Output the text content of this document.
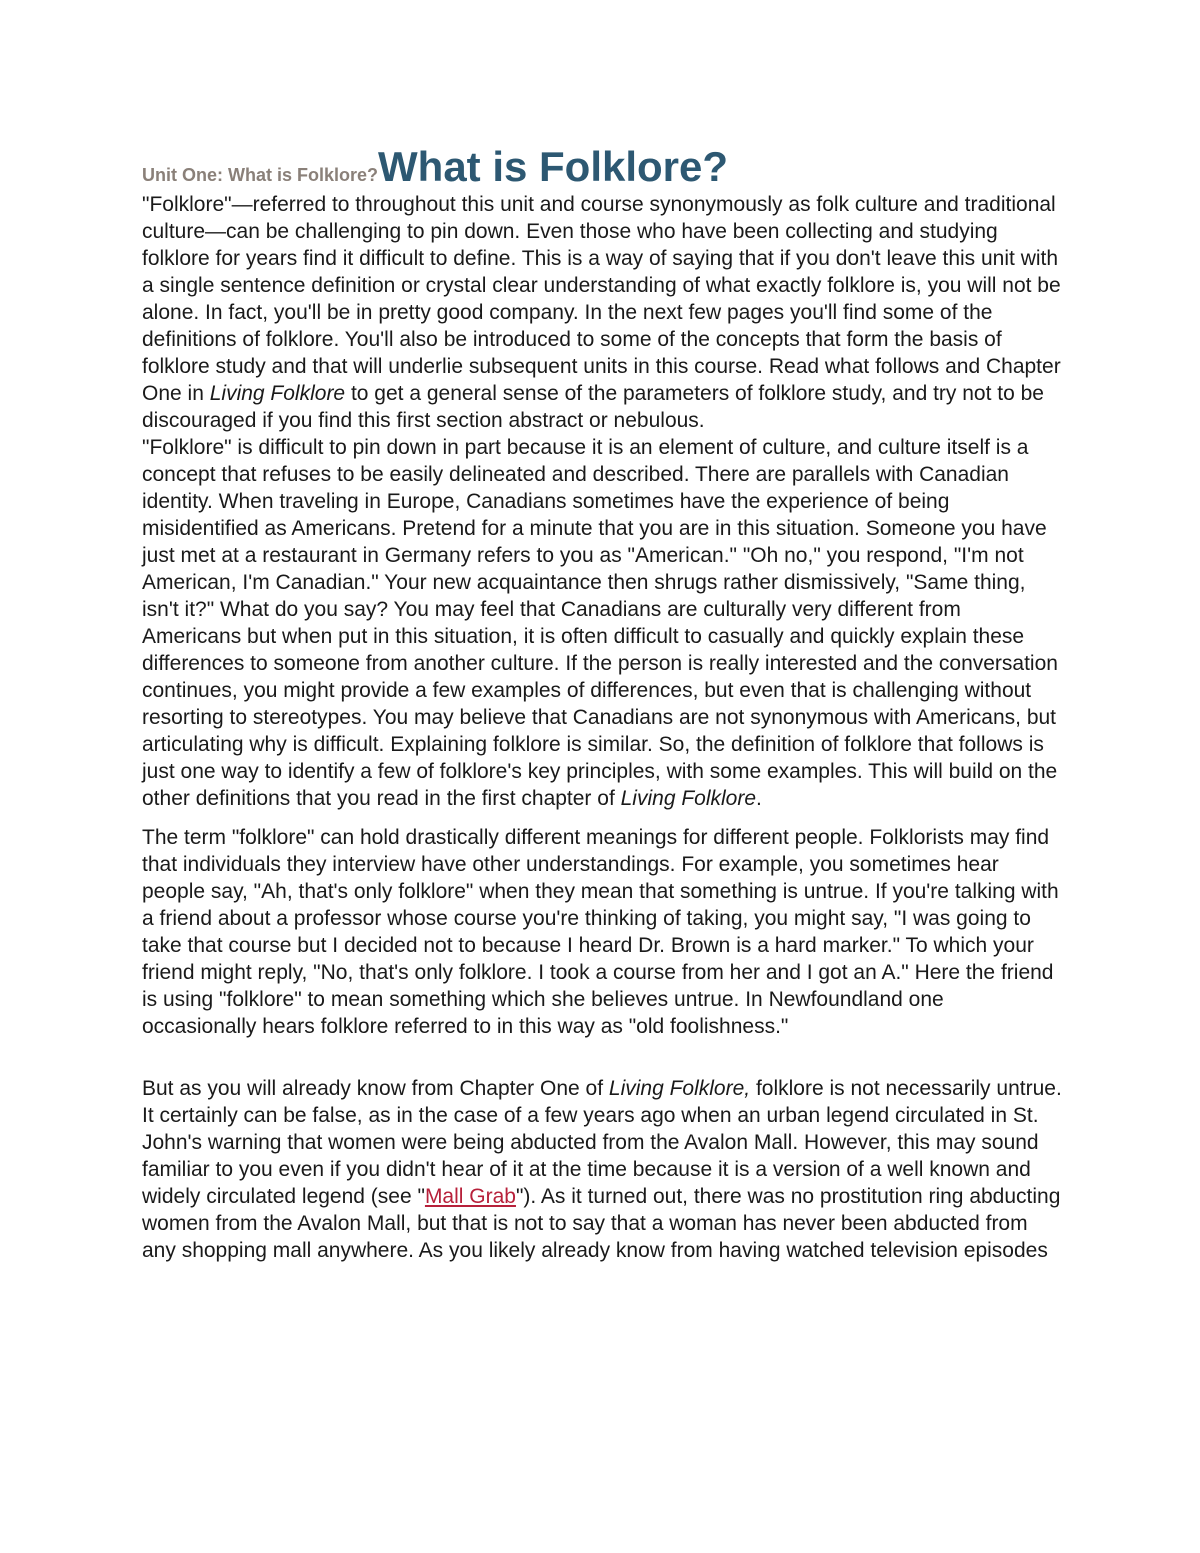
Unit One: What is Folklore?What is Folklore?

"Folklore"—referred to throughout this unit and course synonymously as folk culture and traditional culture—can be challenging to pin down. Even those who have been collecting and studying folklore for years find it difficult to define. This is a way of saying that if you don't leave this unit with a single sentence definition or crystal clear understanding of what exactly folklore is, you will not be alone. In fact, you'll be in pretty good company. In the next few pages you'll find some of the definitions of folklore. You'll also be introduced to some of the concepts that form the basis of folklore study and that will underlie subsequent units in this course. Read what follows and Chapter One in Living Folklore to get a general sense of the parameters of folklore study, and try not to be discouraged if you find this first section abstract or nebulous.

"Folklore" is difficult to pin down in part because it is an element of culture, and culture itself is a concept that refuses to be easily delineated and described. There are parallels with Canadian identity. When traveling in Europe, Canadians sometimes have the experience of being misidentified as Americans. Pretend for a minute that you are in this situation. Someone you have just met at a restaurant in Germany refers to you as "American." "Oh no," you respond, "I'm not American, I'm Canadian." Your new acquaintance then shrugs rather dismissively, "Same thing, isn't it?" What do you say? You may feel that Canadians are culturally very different from Americans but when put in this situation, it is often difficult to casually and quickly explain these differences to someone from another culture. If the person is really interested and the conversation continues, you might provide a few examples of differences, but even that is challenging without resorting to stereotypes. You may believe that Canadians are not synonymous with Americans, but articulating why is difficult. Explaining folklore is similar. So, the definition of folklore that follows is just one way to identify a few of folklore's key principles, with some examples. This will build on the other definitions that you read in the first chapter of Living Folklore.

The term "folklore" can hold drastically different meanings for different people. Folklorists may find that individuals they interview have other understandings. For example, you sometimes hear people say, "Ah, that's only folklore" when they mean that something is untrue. If you're talking with a friend about a professor whose course you're thinking of taking, you might say, "I was going to take that course but I decided not to because I heard Dr. Brown is a hard marker." To which your friend might reply, "No, that's only folklore. I took a course from her and I got an A." Here the friend is using "folklore" to mean something which she believes untrue. In Newfoundland one occasionally hears folklore referred to in this way as "old foolishness."

But as you will already know from Chapter One of Living Folklore, folklore is not necessarily untrue. It certainly can be false, as in the case of a few years ago when an urban legend circulated in St. John's warning that women were being abducted from the Avalon Mall. However, this may sound familiar to you even if you didn't hear of it at the time because it is a version of a well known and widely circulated legend (see "Mall Grab"). As it turned out, there was no prostitution ring abducting women from the Avalon Mall, but that is not to say that a woman has never been abducted from any shopping mall anywhere. As you likely already know from having watched television episodes
